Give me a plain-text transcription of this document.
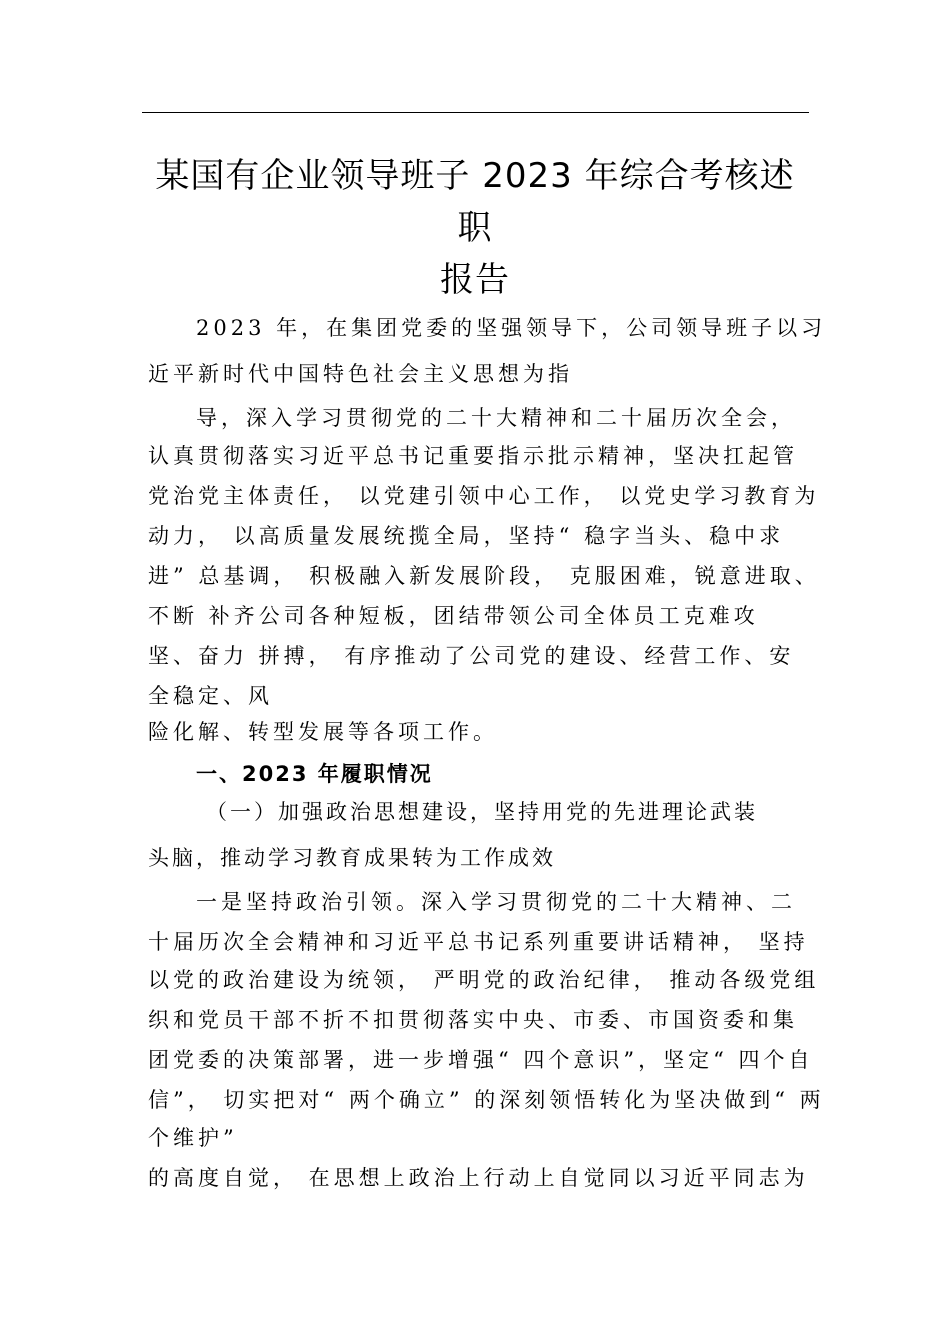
某国有企业领导班子 2023 年综合考核述职
报告
2023 年，在集团党委的坚强领导下，公司领导班子以习
近平新时代中国特色社会主义思想为指
导，深入学习贯彻党的二十大精神和二十届历次全会，
认真贯彻落实习近平总书记重要指示批示精神，坚决扛起管
党治党主体责任， 以党建引领中心工作， 以党史学习教育为
动力， 以高质量发展统揽全局，坚持“ 稳字当头、稳中求
进” 总基调， 积极融入新发展阶段， 克服困难，锐意进取、
不断 补齐公司各种短板，团结带领公司全体员工克难攻
坚、奋力 拼搏， 有序推动了公司党的建设、经营工作、安
全稳定、风
险化解、转型发展等各项工作。
一、2023 年履职情况
（一）加强政治思想建设，坚持用党的先进理论武装
头脑，推动学习教育成果转为工作成效
一是坚持政治引领。深入学习贯彻党的二十大精神、二
十届历次全会精神和习近平总书记系列重要讲话精神， 坚持
以党的政治建设为统领， 严明党的政治纪律， 推动各级党组
织和党员干部不折不扣贯彻落实中央、市委、市国资委和集
团党委的决策部署，进一步增强“ 四个意识”，坚定“ 四个自
信”， 切实把对“ 两个确立” 的深刻领悟转化为坚决做到“ 两
个维护”
的高度自觉， 在思想上政治上行动上自觉同以习近平同志为
